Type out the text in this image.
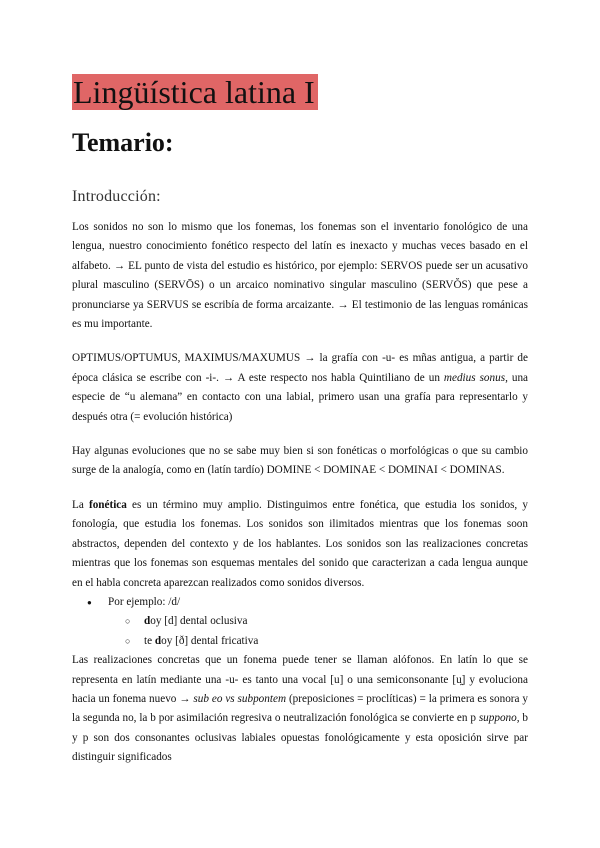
Lingüística latina I
Temario:
Introducción:

Los sonidos no son lo mismo que los fonemas, los fonemas son el inventario fonológico de una lengua, nuestro conocimiento fonético respecto del latín es inexacto y muchas veces basado en el alfabeto. → EL punto de vista del estudio es histórico, por ejemplo: SERVOS puede ser un acusativo plural masculino (SERVŌS) o un arcaico nominativo singular masculino (SERVŎS) que pese a pronunciarse ya SERVUS se escribía de forma arcaizante. → El testimonio de las lenguas románicas es mu importante.

OPTIMUS/OPTUMUS, MAXIMUS/MAXUMUS → la grafía con -u- es mñas antigua, a partir de época clásica se escribe con -i-. → A este respecto nos habla Quintiliano de un medius sonus, una especie de “u alemana” en contacto con una labial, primero usan una grafía para representarlo y después otra (= evolución histórica)

Hay algunas evoluciones que no se sabe muy bien si son fonéticas o morfológicas o que su cambio surge de la analogía, como en (latín tardío) DOMINE < DOMINAE < DOMINAI < DOMINAS.

La fonética es un término muy amplio. Distinguimos entre fonética, que estudia los sonidos, y fonología, que estudia los fonemas. Los sonidos son ilimitados mientras que los fonemas soon abstractos, dependen del contexto y de los hablantes. Los sonidos son las realizaciones concretas mientras que los fonemas son esquemas mentales del sonido que caracterizan a cada lengua aunque en el habla concreta aparezcan realizados como sonidos diversos.

● Por ejemplo: /d/
○ doy [d] dental oclusiva
○ te doy [ð] dental fricativa

Las realizaciones concretas que un fonema puede tener se llaman alófonos. En latín lo que se representa en latín mediante una -u- es tanto una vocal [u] o una semiconsonante [u̯] y evoluciona hacia un fonema nuevo → sub eo vs subpontem (preposiciones = proclíticas) = la primera es sonora y la segunda no, la b por asimilación regresiva o neutralización fonológica se convierte en p suppono, b y p son dos consonantes oclusivas labiales opuestas fonológicamente y esta oposición sirve par distinguir significados
